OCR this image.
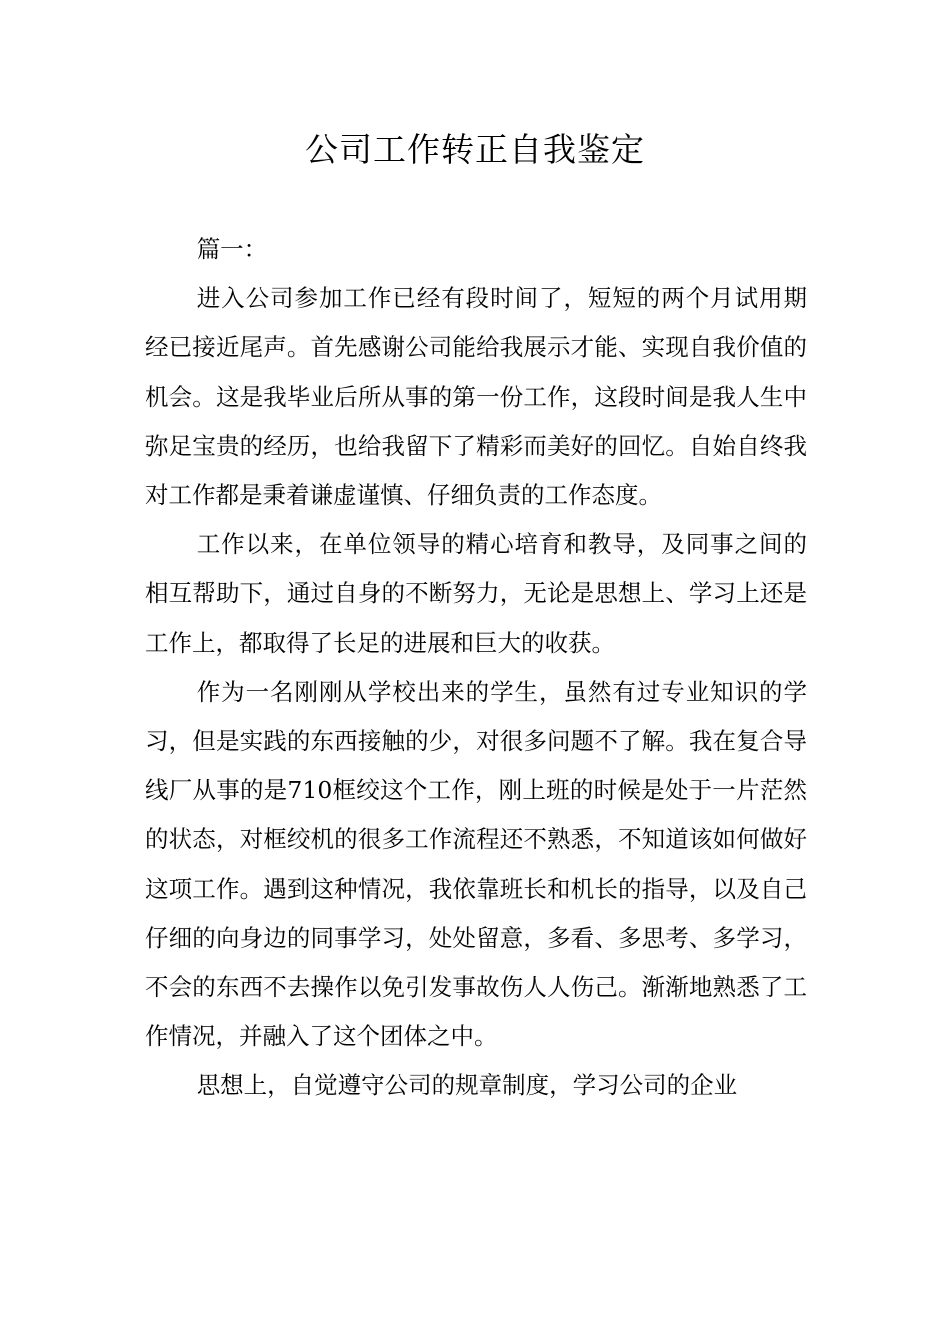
公司工作转正自我鉴定

篇一：

进入公司参加工作已经有段时间了，短短的两个月试用期经已接近尾声。首先感谢公司能给我展示才能、实现自我价值的机会。这是我毕业后所从事的第一份工作，这段时间是我人生中弥足宝贵的经历，也给我留下了精彩而美好的回忆。自始自终我对工作都是秉着谦虚谨慎、仔细负责的工作态度。

工作以来，在单位领导的精心培育和教导，及同事之间的相互帮助下，通过自身的不断努力，无论是思想上、学习上还是工作上，都取得了长足的进展和巨大的收获。

作为一名刚刚从学校出来的学生，虽然有过专业知识的学习，但是实践的东西接触的少，对很多问题不了解。我在复合导线厂从事的是710框绞这个工作，刚上班的时候是处于一片茫然的状态，对框绞机的很多工作流程还不熟悉，不知道该如何做好这项工作。遇到这种情况，我依靠班长和机长的指导，以及自己仔细的向身边的同事学习，处处留意，多看、多思考、多学习，不会的东西不去操作以免引发事故伤人人伤己。渐渐地熟悉了工作情况，并融入了这个团体之中。

思想上，自觉遵守公司的规章制度，学习公司的企业
